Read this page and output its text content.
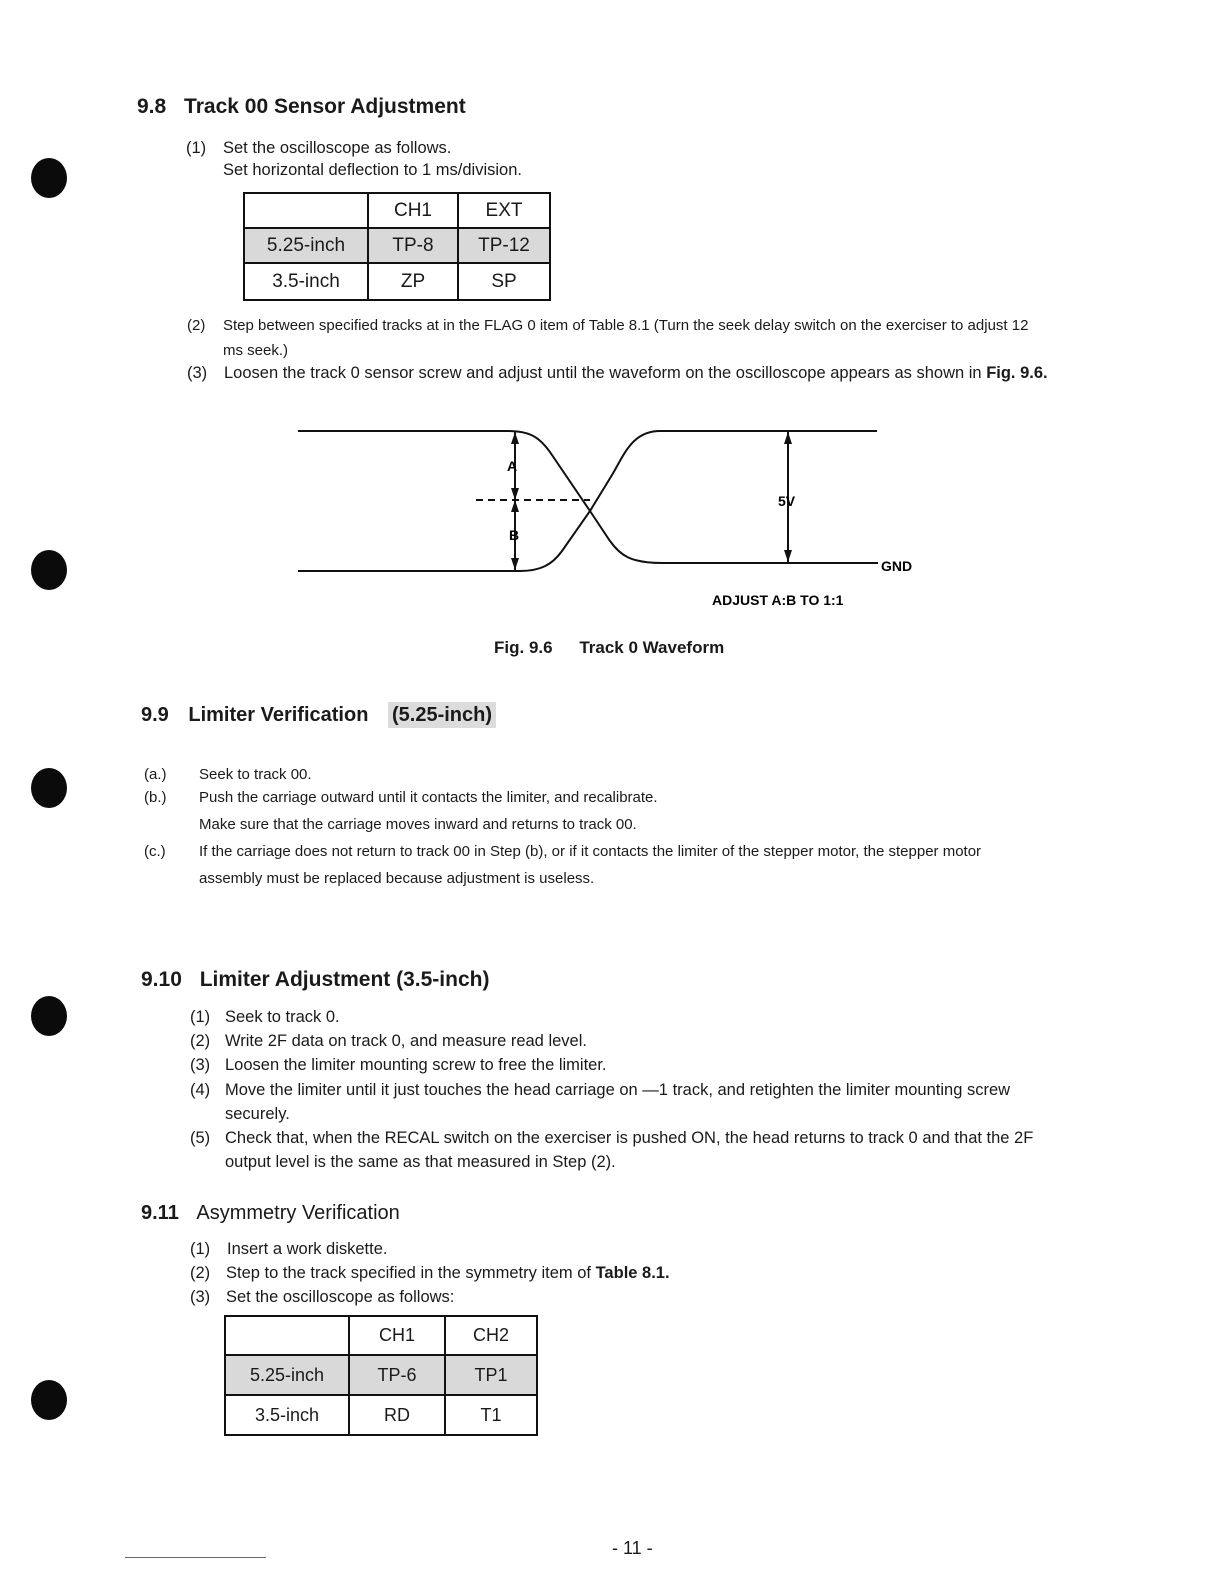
9.8 Track 00 Sensor Adjustment
(1) Set the oscilloscope as follows.
Set horizontal deflection to 1 ms/division.
	CH1	EXT
5.25-inch	TP-8	TP-12
3.5-inch	ZP	SP
(2) Step between specified tracks at in the FLAG 0 item of Table 8.1 (Turn the seek delay switch on the exerciser to adjust 12
ms seek.)
(3) Loosen the track 0 sensor screw and adjust until the waveform on the oscilloscope appears as shown in Fig. 9.6.
A
B
5V
GND
ADJUST A:B TO 1:1
Fig. 9.6 Track 0 Waveform
9.9 Limiter Verification (5.25-inch)
(a.) Seek to track 00.
(b.) Push the carriage outward until it contacts the limiter, and recalibrate.
Make sure that the carriage moves inward and returns to track 00.
(c.) If the carriage does not return to track 00 in Step (b), or if it contacts the limiter of the stepper motor, the stepper motor
assembly must be replaced because adjustment is useless.
9.10 Limiter Adjustment (3.5-inch)
(1) Seek to track 0.
(2) Write 2F data on track 0, and measure read level.
(3) Loosen the limiter mounting screw to free the limiter.
(4) Move the limiter until it just touches the head carriage on —1 track, and retighten the limiter mounting screw
securely.
(5) Check that, when the RECAL switch on the exerciser is pushed ON, the head returns to track 0 and that the 2F
output level is the same as that measured in Step (2).
9.11 Asymmetry Verification
(1) Insert a work diskette.
(2) Step to the track specified in the symmetry item of Table 8.1.
(3) Set the oscilloscope as follows:
	CH1	CH2
5.25-inch	TP-6	TP1
3.5-inch	RD	T1
- 11 -
